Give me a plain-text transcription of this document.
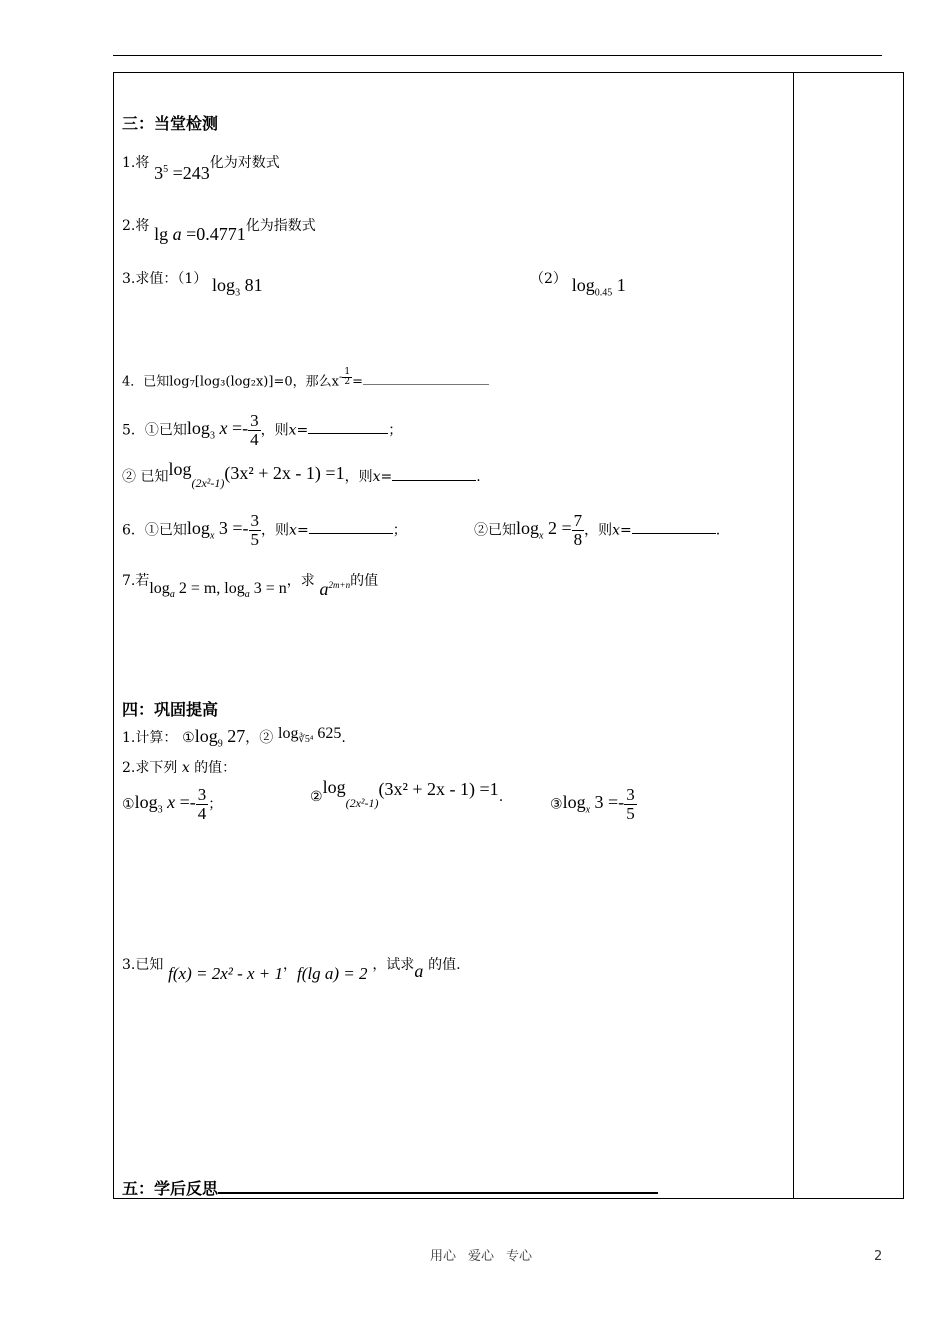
三：当堂检测
1.将 $3^5 =243$化为对数式
2.将 lg a =0.4771化为指数式
3.求值：（1） $\log_3 81$	（2） $\log_{0.45} 1$
4．已知log₇[log₃(log₂x)]=0，那么$x^- \frac{1}{2}$ =
5．①已知$\log_3 x =- \frac{3}{4}$ ，则x=	；
② 已知$\log_{(2x^2-1)}(3x^2 + 2x - 1) =1$，则x=	.
6．①已知$\log_x 3 =- \frac{3}{5}$ ，则x=	；	②已知$\log_x 2 = \frac{7}{8}$ ，则x=	.
7.若$\log_a 2 = m$, $\log_a 3 = n$，求 $a^{2m+n}$的值
四：巩固提高
1.计算： $①\log_9$ 27，② $\log_{∛5^4} 625$.
2.求下列 x 的值：
$①\log_3$ $x =- \frac{3}{4}$ ；	$②\log_{(2x^2-1)}(3x^2 + 2x - 1) =1$.	$③\log_x$ $3 =- \frac{3}{5}$
3.已知 f(x) = 2x² - x + 1，f(lg a) = 2 ，试求a 的值.
五：学后反思
用心 爱心 专心	2
